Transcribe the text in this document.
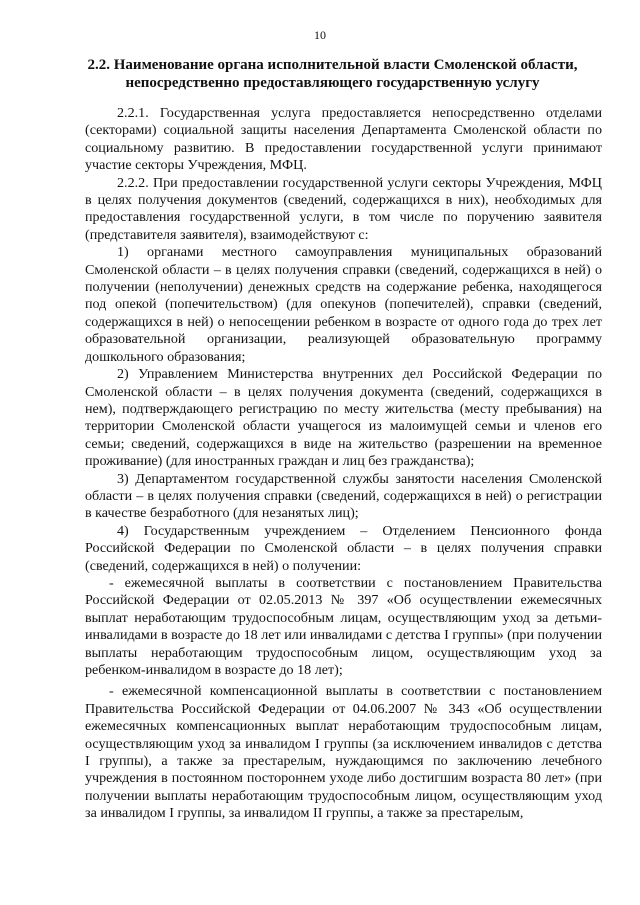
10
2.2. Наименование органа исполнительной власти Смоленской области, непосредственно предоставляющего государственную услугу

2.2.1. Государственная услуга предоставляется непосредственно отделами (секторами) социальной защиты населения Департамента Смоленской области по социальному развитию. В предоставлении государственной услуги принимают участие секторы Учреждения, МФЦ.

2.2.2. При предоставлении государственной услуги секторы Учреждения, МФЦ в целях получения документов (сведений, содержащихся в них), необходимых для предоставления государственной услуги, в том числе по поручению заявителя (представителя заявителя), взаимодействуют с:

1) органами местного самоуправления муниципальных образований Смоленской области – в целях получения справки (сведений, содержащихся в ней) о получении (неполучении) денежных средств на содержание ребенка, находящегося под опекой (попечительством) (для опекунов (попечителей), справки (сведений, содержащихся в ней) о непосещении ребенком в возрасте от одного года до трех лет образовательной организации, реализующей образовательную программу дошкольного образования;

2) Управлением Министерства внутренних дел Российской Федерации по Смоленской области – в целях получения документа (сведений, содержащихся в нем), подтверждающего регистрацию по месту жительства (месту пребывания) на территории Смоленской области учащегося из малоимущей семьи и членов его семьи; сведений, содержащихся в виде на жительство (разрешении на временное проживание) (для иностранных граждан и лиц без гражданства);

3) Департаментом государственной службы занятости населения Смоленской области – в целях получения справки (сведений, содержащихся в ней) о регистрации в качестве безработного (для незанятых лиц);

4) Государственным учреждением – Отделением Пенсионного фонда Российской Федерации по Смоленской области – в целях получения справки (сведений, содержащихся в ней) о получении:

- ежемесячной выплаты в соответствии с постановлением Правительства Российской Федерации от 02.05.2013 № 397 «Об осуществлении ежемесячных выплат неработающим трудоспособным лицам, осуществляющим уход за детьми-инвалидами в возрасте до 18 лет или инвалидами с детства I группы» (при получении выплаты неработающим трудоспособным лицом, осуществляющим уход за ребенком-инвалидом в возрасте до 18 лет);

- ежемесячной компенсационной выплаты в соответствии с постановлением Правительства Российской Федерации от 04.06.2007 № 343 «Об осуществлении ежемесячных компенсационных выплат неработающим трудоспособным лицам, осуществляющим уход за инвалидом I группы (за исключением инвалидов с детства I группы), а также за престарелым, нуждающимся по заключению лечебного учреждения в постоянном постороннем уходе либо достигшим возраста 80 лет» (при получении выплаты неработающим трудоспособным лицом, осуществляющим уход за инвалидом I группы, за инвалидом II группы, а также за престарелым,
